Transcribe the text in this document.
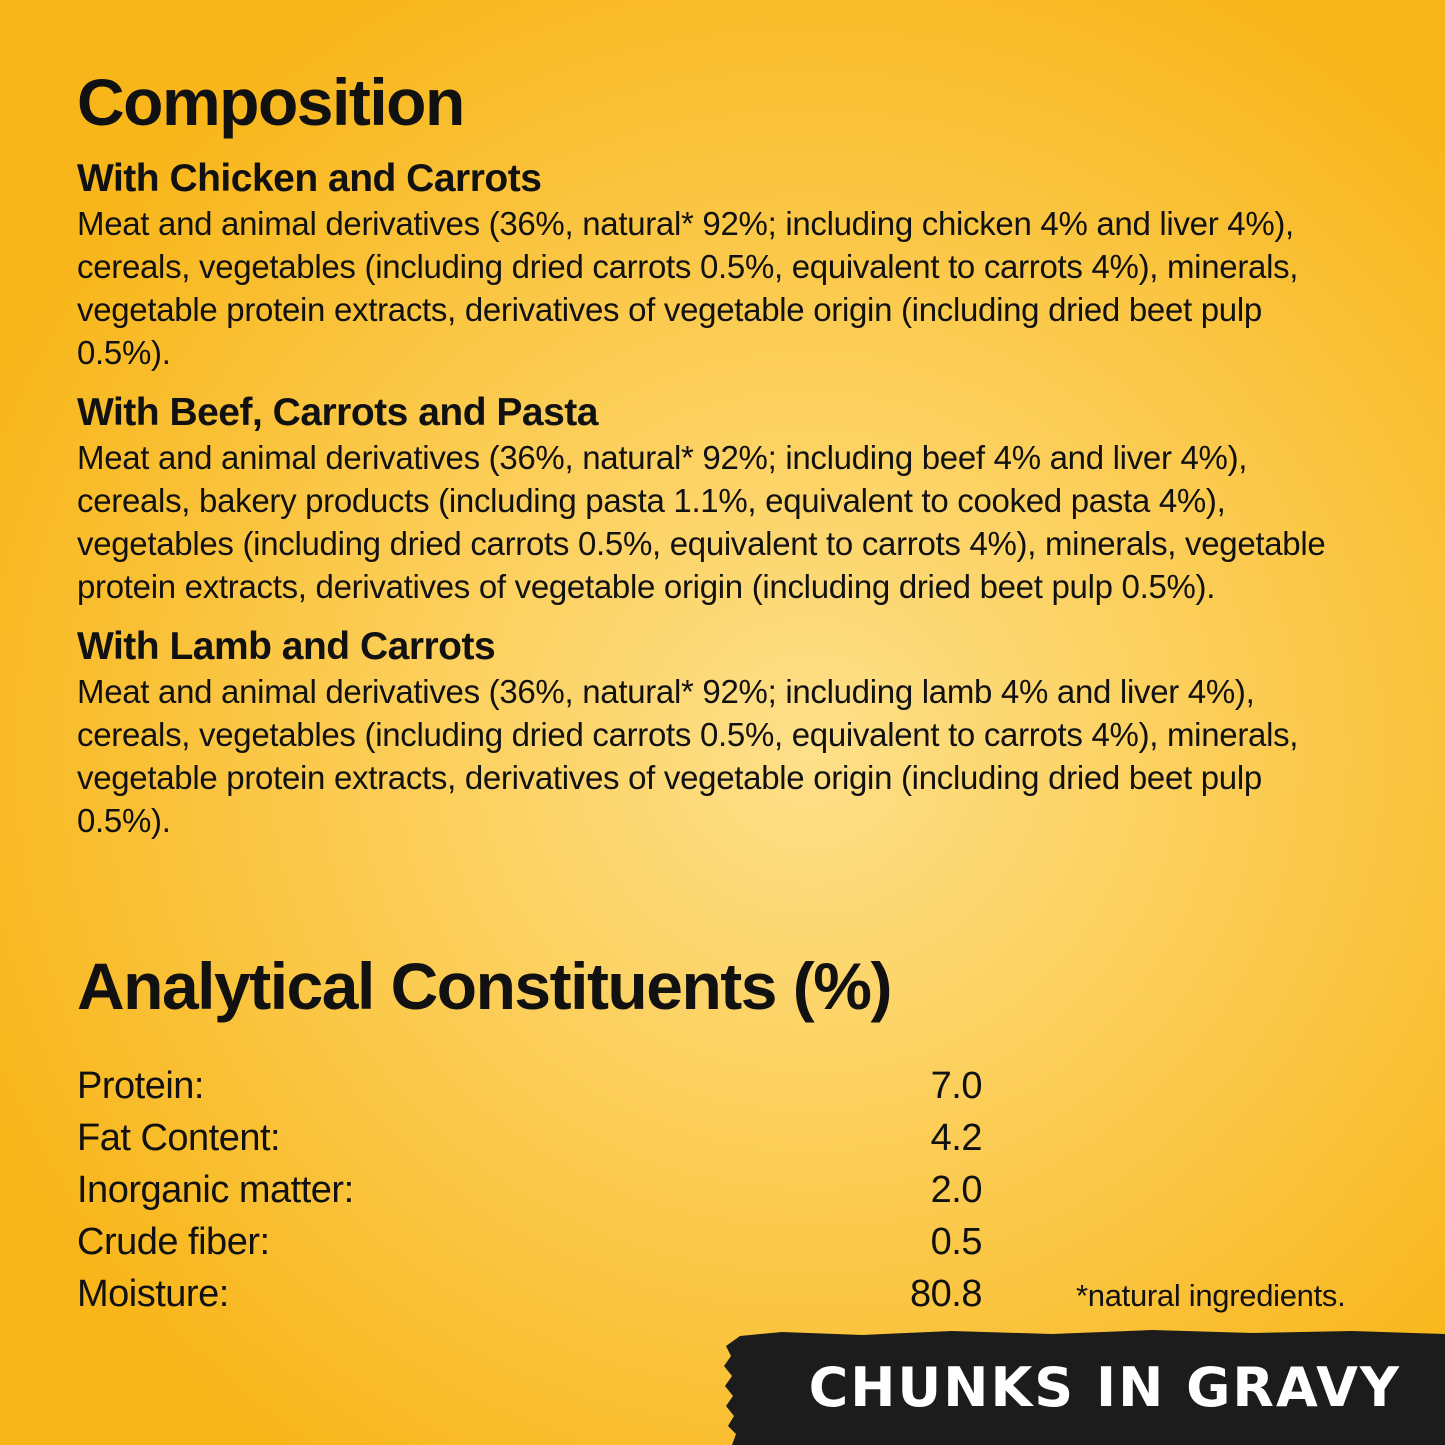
Composition

With Chicken and Carrots

Meat and animal derivatives (36%, natural* 92%; including chicken 4% and liver 4%), cereals, vegetables (including dried carrots 0.5%, equivalent to carrots 4%), minerals, vegetable protein extracts, derivatives of vegetable origin (including dried beet pulp 0.5%).

With Beef, Carrots and Pasta

Meat and animal derivatives (36%, natural* 92%; including beef 4% and liver 4%), cereals, bakery products (including pasta 1.1%, equivalent to cooked pasta 4%), vegetables (including dried carrots 0.5%, equivalent to carrots 4%), minerals, vegetable protein extracts, derivatives of vegetable origin (including dried beet pulp 0.5%).

With Lamb and Carrots

Meat and animal derivatives (36%, natural* 92%; including lamb 4% and liver 4%), cereals, vegetables (including dried carrots 0.5%, equivalent to carrots 4%), minerals, vegetable protein extracts, derivatives of vegetable origin (including dried beet pulp 0.5%).

Analytical Constituents (%)
Protein:	7.0
Fat Content:	4.2
Inorganic matter:	2.0
Crude fiber:	0.5
Moisture:	80.8	*natural ingredients.
CHUNKS IN GRAVY
